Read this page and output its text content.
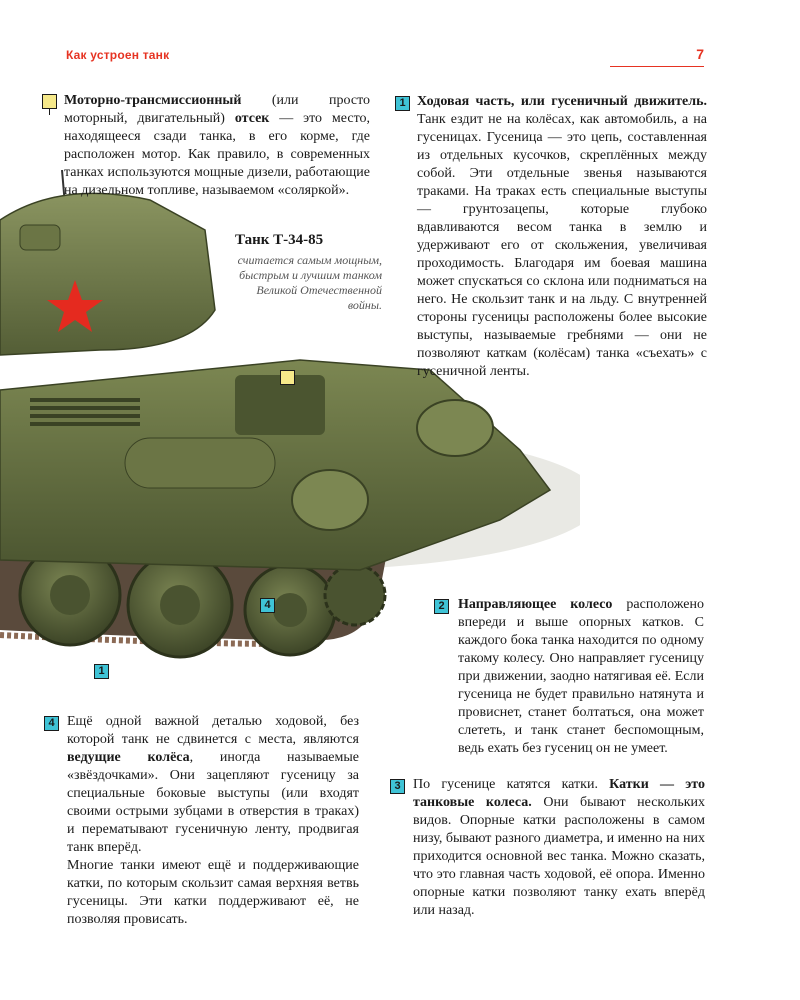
Как устроен танк	7
Танк Т-34-85
считается самым мощным, быстрым и лучшим танком Великой Отечественной войны.
Моторно-трансмиссионный (или просто моторный, двигательный) отсек — это место, находящееся сзади танка, в его корме, где расположен мотор. Как правило, в современных танках используются мощные дизели, работающие на дизельном топливе, называемом «соляркой».
1 Ходовая часть, или гусеничный движитель. Танк ездит не на колёсах, как автомобиль, а на гусеницах. Гусеница — это цепь, составленная из отдельных кусочков, скреплённых между собой. Эти отдельные звенья называются траками. На траках есть специальные выступы — грунтозацепы, которые глубоко вдавливаются весом танка в землю и удерживают его от скольжения, увеличивая проходимость. Благодаря им боевая машина может спускаться со склона или подниматься на него. Не скользит танк и на льду. С внутренней стороны гусеницы расположены более высокие выступы, называемые гребнями — они не позволяют каткам (колёсам) танка «съехать» с гусеничной ленты.
1
2 Направляющее колесо расположено впереди и выше опорных катков. С каждого бока танка находится по одному такому колесу. Оно направляет гусеницу при движении, заодно натягивая её. Если гусеница не будет правильно натянута и провиснет, станет болтаться, она может слететь, и танк станет беспомощным, ведь ехать без гусениц он не умеет.
3 По гусенице катятся катки. Катки — это танковые колеса. Они бывают нескольких видов. Опорные катки расположены в самом низу, бывают разного диаметра, и именно на них приходится основной вес танка. Можно сказать, что это главная часть ходовой, её опора. Именно опорные катки позволяют танку ехать вперёд или назад.
4 Ещё одной важной деталью ходовой, без которой танк не сдвинется с места, являются ведущие колёса, иногда называемые «звёздочками». Они зацепляют гусеницу за специальные боковые выступы (или входят своими острыми зубцами в отверстия в траках) и перематывают гусеничную ленту, продвигая танк вперёд.

Многие танки имеют ещё и поддерживающие катки, по которым скользит самая верхняя ветвь гусеницы. Эти катки поддерживают её, не позволяя провисать.

4
